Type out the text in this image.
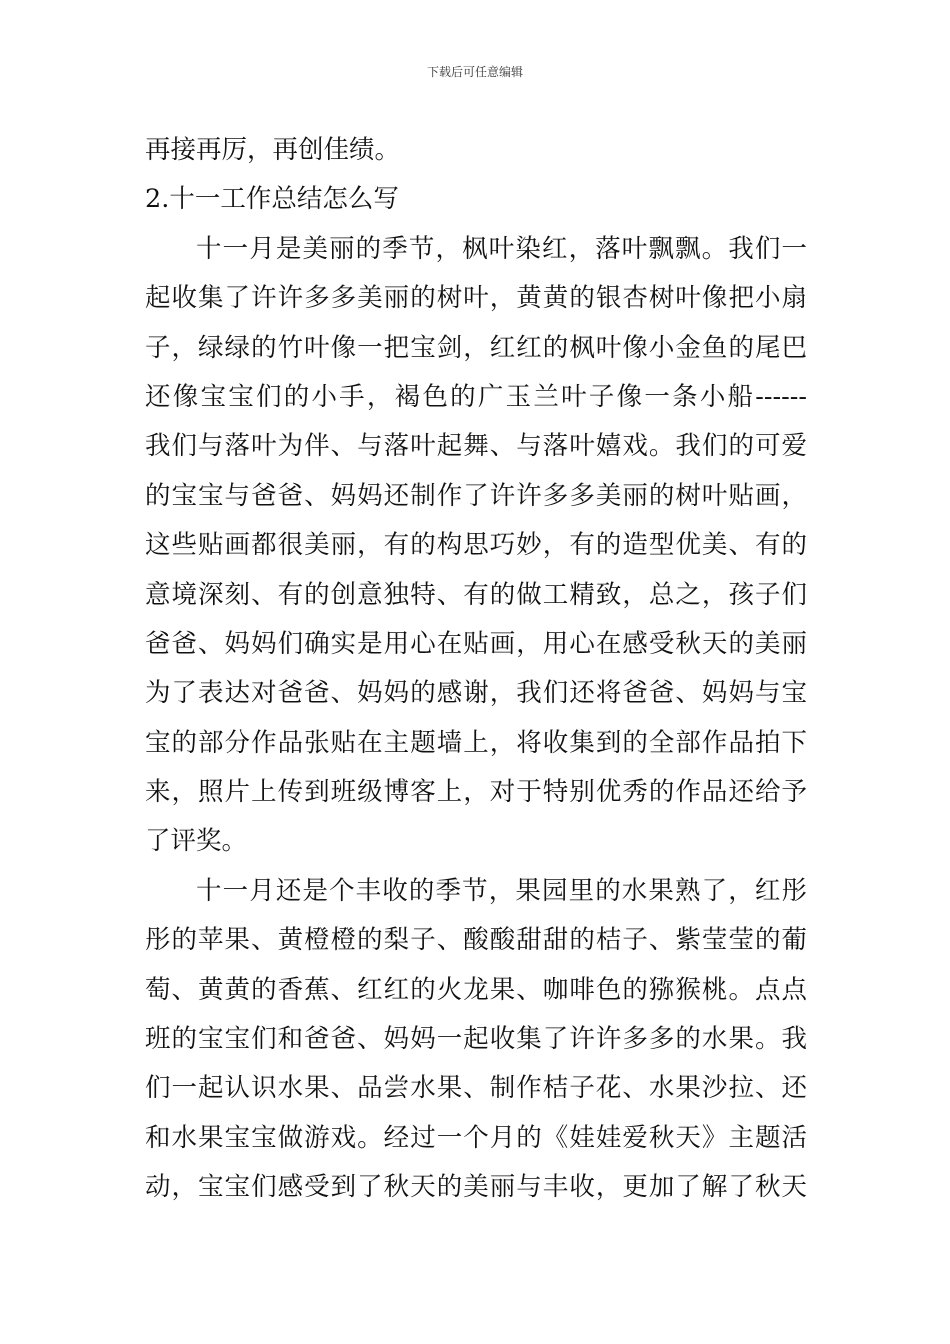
下载后可任意编辑
再接再厉，再创佳绩。
2.十一工作总结怎么写
十一月是美丽的季节，枫叶染红，落叶飘飘。我们一
起收集了许许多多美丽的树叶，黄黄的银杏树叶像把小扇
子，绿绿的竹叶像一把宝剑，红红的枫叶像小金鱼的尾巴
还像宝宝们的小手，褐色的广玉兰叶子像一条小船------
我们与落叶为伴、与落叶起舞、与落叶嬉戏。我们的可爱
的宝宝与爸爸、妈妈还制作了许许多多美丽的树叶贴画，
这些贴画都很美丽，有的构思巧妙，有的造型优美、有的
意境深刻、有的创意独特、有的做工精致，总之，孩子们
爸爸、妈妈们确实是用心在贴画，用心在感受秋天的美丽
为了表达对爸爸、妈妈的感谢，我们还将爸爸、妈妈与宝
宝的部分作品张贴在主题墙上，将收集到的全部作品拍下
来，照片上传到班级博客上，对于特别优秀的作品还给予
了评奖。
十一月还是个丰收的季节，果园里的水果熟了，红彤
彤的苹果、黄橙橙的梨子、酸酸甜甜的桔子、紫莹莹的葡
萄、黄黄的香蕉、红红的火龙果、咖啡色的猕猴桃。点点
班的宝宝们和爸爸、妈妈一起收集了许许多多的水果。我
们一起认识水果、品尝水果、制作桔子花、水果沙拉、还
和水果宝宝做游戏。经过一个月的《娃娃爱秋天》主题活
动，宝宝们感受到了秋天的美丽与丰收，更加了解了秋天
